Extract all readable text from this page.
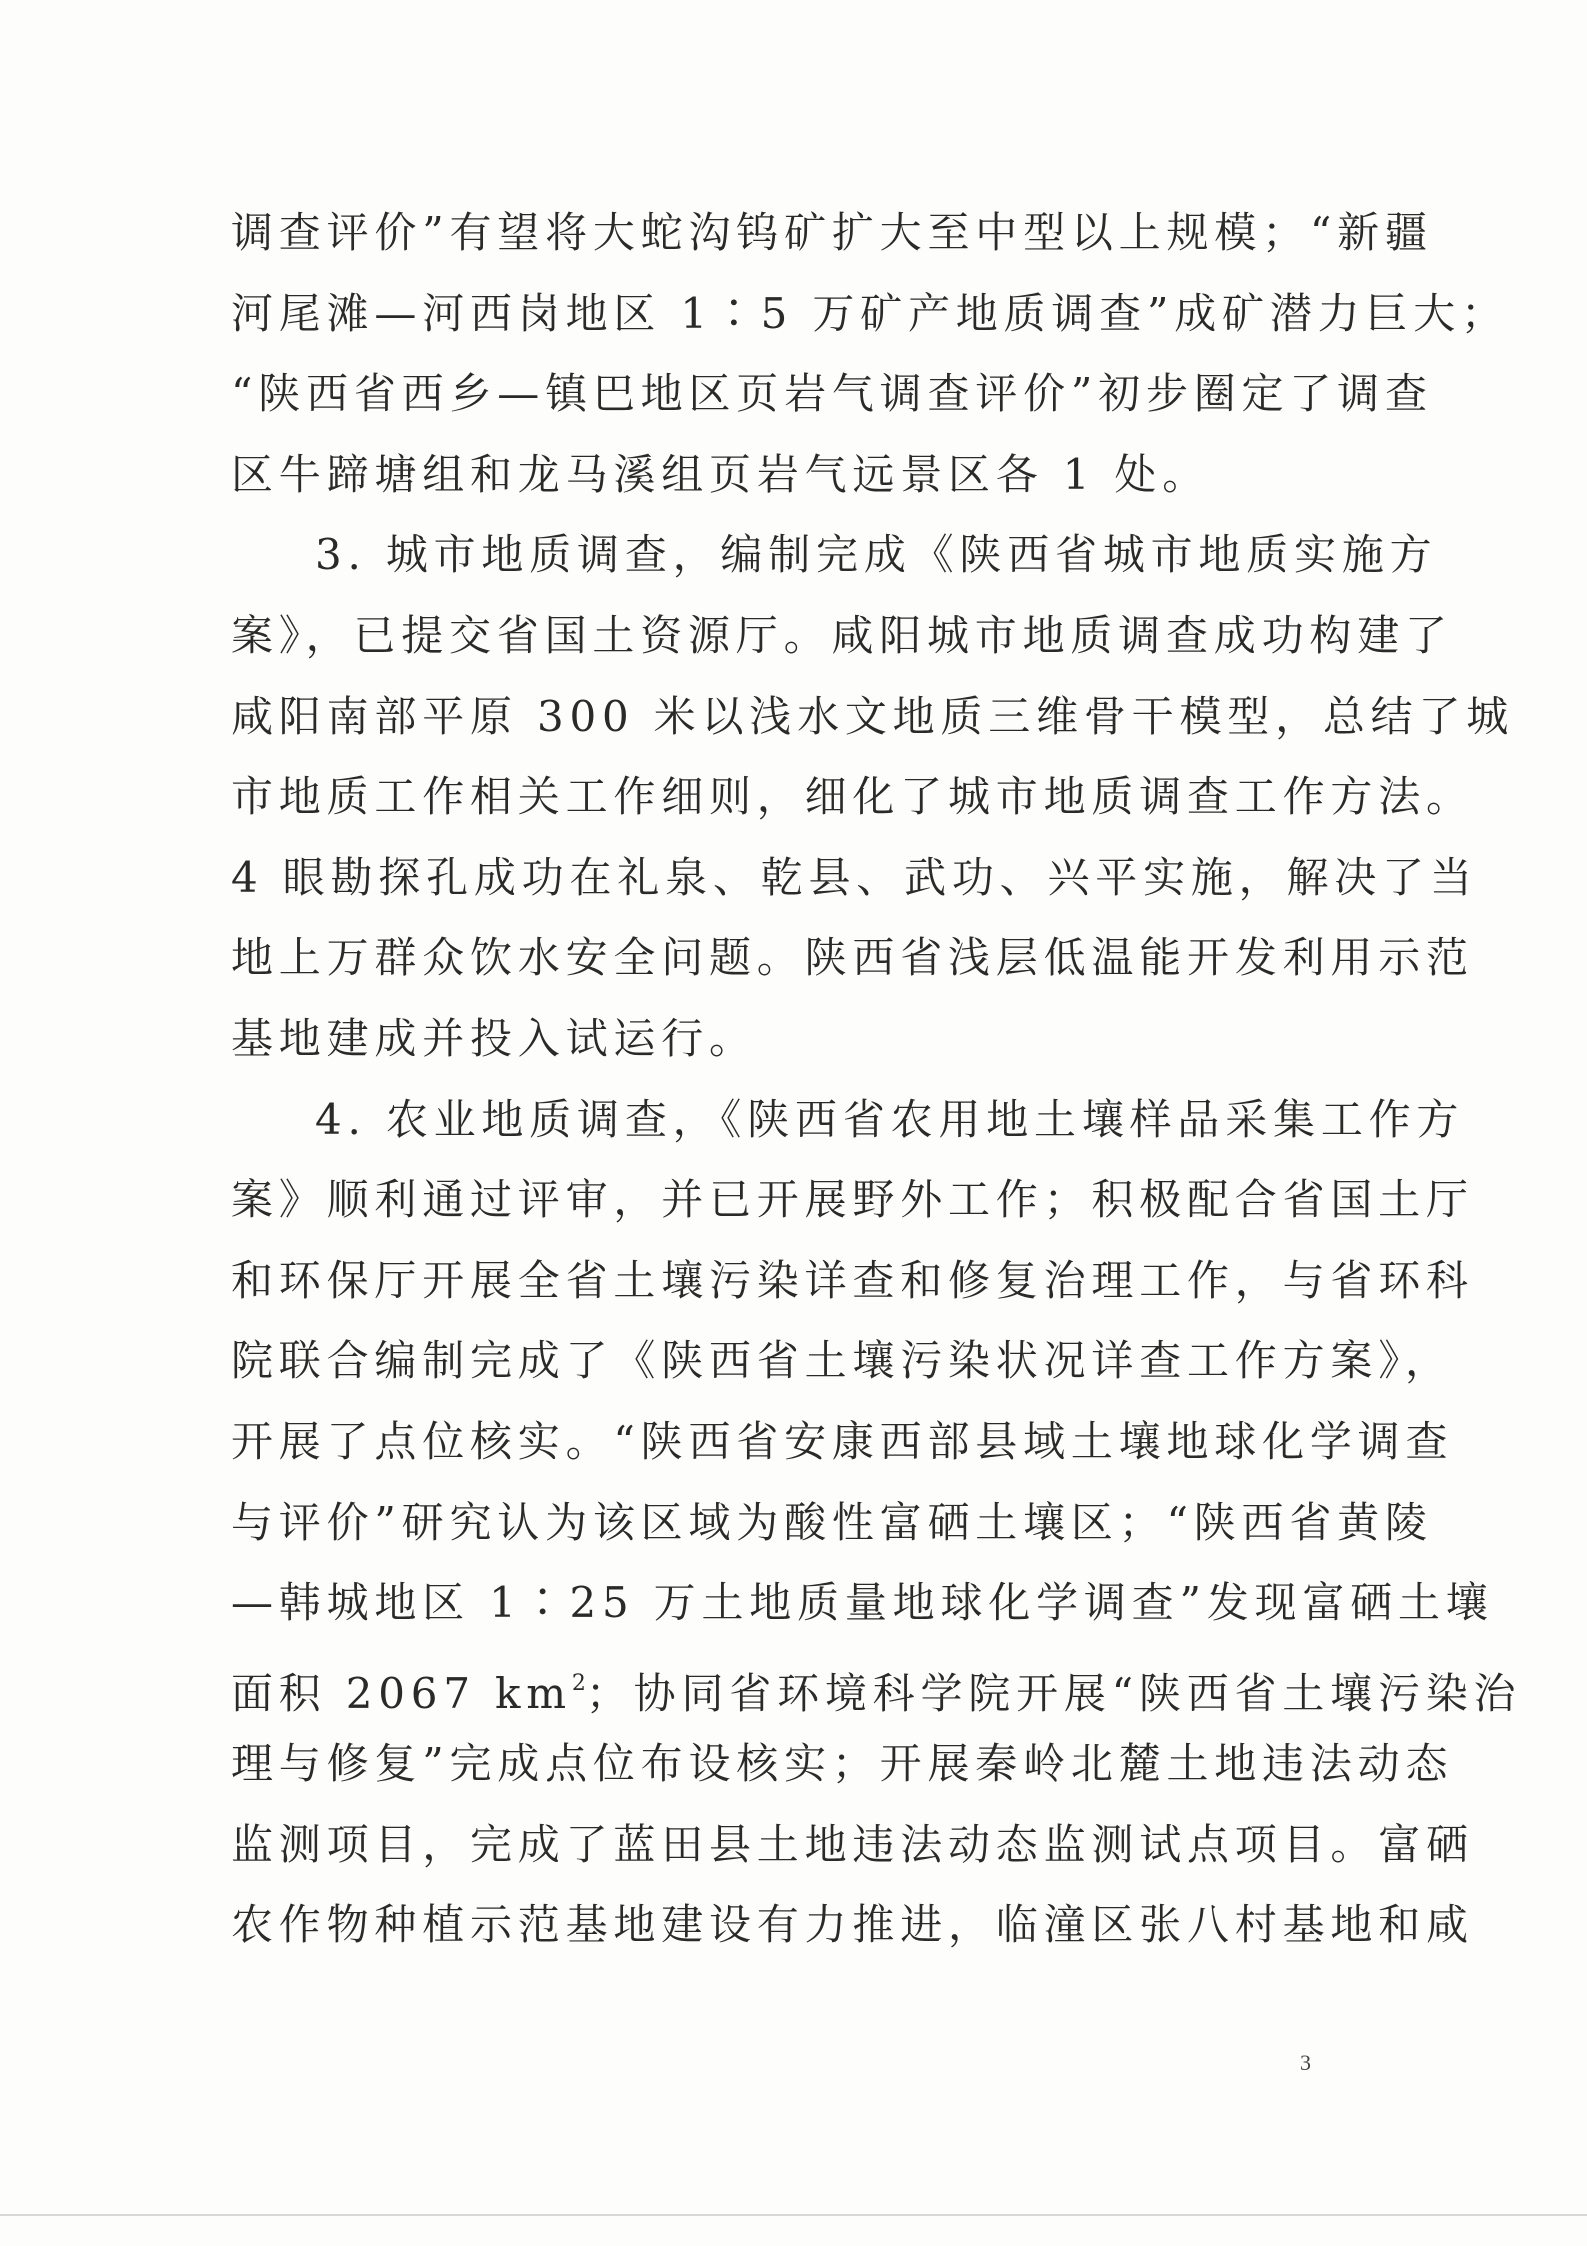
调查评价”有望将大蛇沟钨矿扩大至中型以上规模；“新疆
河尾滩—河西岗地区 1∶5 万矿产地质调查”成矿潜力巨大；
“陕西省西乡—镇巴地区页岩气调查评价”初步圈定了调查
区牛蹄塘组和龙马溪组页岩气远景区各 1 处。
3. 城市地质调查，编制完成《陕西省城市地质实施方
案》，已提交省国土资源厅。咸阳城市地质调查成功构建了
咸阳南部平原 300 米以浅水文地质三维骨干模型，总结了城
市地质工作相关工作细则，细化了城市地质调查工作方法。
4 眼勘探孔成功在礼泉、乾县、武功、兴平实施，解决了当
地上万群众饮水安全问题。陕西省浅层低温能开发利用示范
基地建成并投入试运行。
4. 农业地质调查，《陕西省农用地土壤样品采集工作方
案》顺利通过评审，并已开展野外工作；积极配合省国土厅
和环保厅开展全省土壤污染详查和修复治理工作，与省环科
院联合编制完成了《陕西省土壤污染状况详查工作方案》，
开展了点位核实。“陕西省安康西部县域土壤地球化学调查
与评价”研究认为该区域为酸性富硒土壤区；“陕西省黄陵
—韩城地区 1∶25 万土地质量地球化学调查”发现富硒土壤
面积 2067 $km^2$；协同省环境科学院开展“陕西省土壤污染治
理与修复”完成点位布设核实；开展秦岭北麓土地违法动态
监测项目，完成了蓝田县土地违法动态监测试点项目。富硒
农作物种植示范基地建设有力推进，临潼区张八村基地和咸
3
